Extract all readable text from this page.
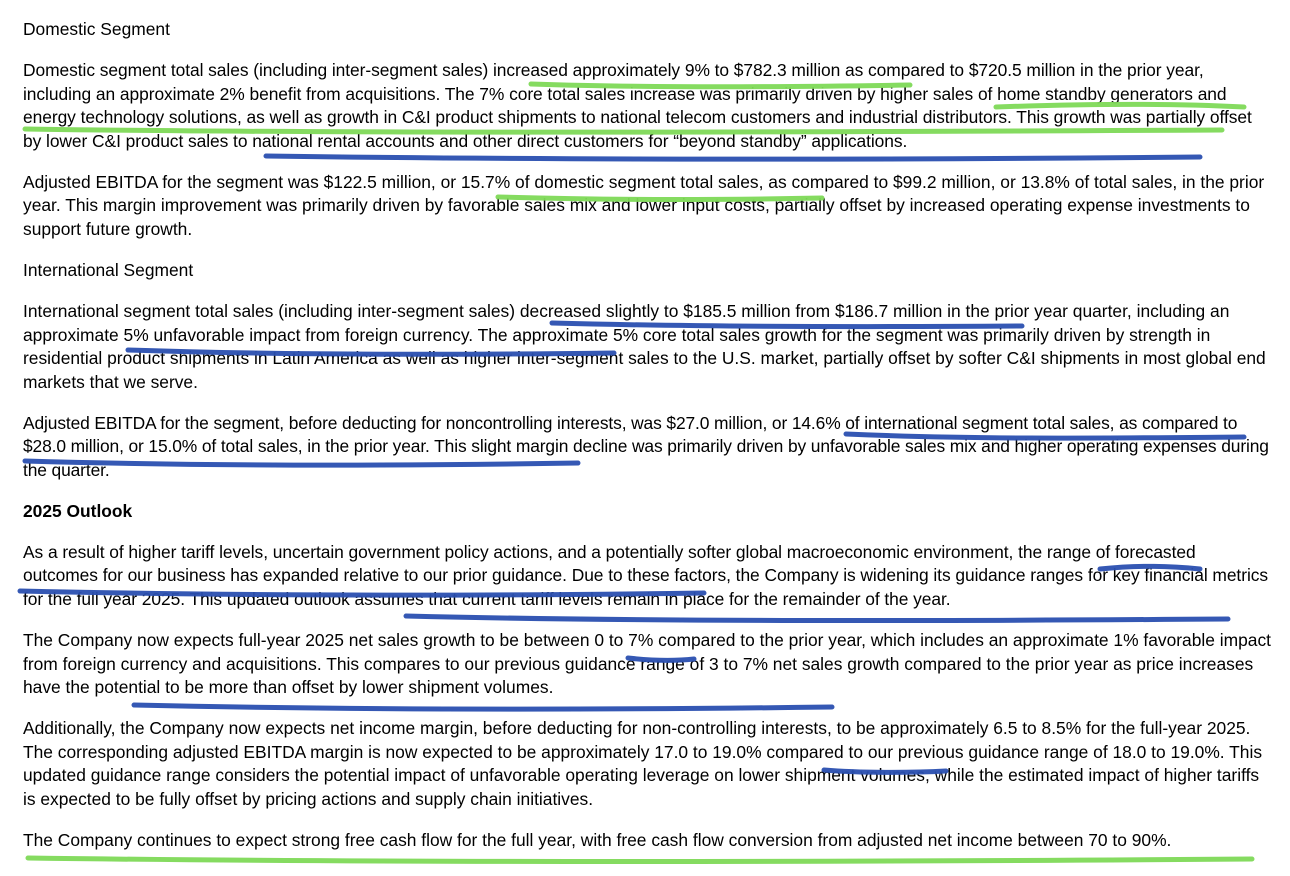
Domestic Segment

Domestic segment total sales (including inter-segment sales) increased approximately 9% to $782.3 million as compared to $720.5 million in the prior year, including an approximate 2% benefit from acquisitions. The 7% core total sales increase was primarily driven by higher sales of home standby generators and energy technology solutions, as well as growth in C&I product shipments to national telecom customers and industrial distributors. This growth was partially offset by lower C&I product sales to national rental accounts and other direct customers for “beyond standby” applications.

Adjusted EBITDA for the segment was $122.5 million, or 15.7% of domestic segment total sales, as compared to $99.2 million, or 13.8% of total sales, in the prior year. This margin improvement was primarily driven by favorable sales mix and lower input costs, partially offset by increased operating expense investments to support future growth.

International Segment

International segment total sales (including inter-segment sales) decreased slightly to $185.5 million from $186.7 million in the prior year quarter, including an approximate 5% unfavorable impact from foreign currency. The approximate 5% core total sales growth for the segment was primarily driven by strength in residential product shipments in Latin America as well as higher inter-segment sales to the U.S. market, partially offset by softer C&I shipments in most global end markets that we serve.

Adjusted EBITDA for the segment, before deducting for noncontrolling interests, was $27.0 million, or 14.6% of international segment total sales, as compared to $28.0 million, or 15.0% of total sales, in the prior year. This slight margin decline was primarily driven by unfavorable sales mix and higher operating expenses during the quarter.

2025 Outlook

As a result of higher tariff levels, uncertain government policy actions, and a potentially softer global macroeconomic environment, the range of forecasted outcomes for our business has expanded relative to our prior guidance. Due to these factors, the Company is widening its guidance ranges for key financial metrics for the full year 2025. This updated outlook assumes that current tariff levels remain in place for the remainder of the year.

The Company now expects full-year 2025 net sales growth to be between 0 to 7% compared to the prior year, which includes an approximate 1% favorable impact from foreign currency and acquisitions. This compares to our previous guidance range of 3 to 7% net sales growth compared to the prior year as price increases have the potential to be more than offset by lower shipment volumes.

Additionally, the Company now expects net income margin, before deducting for non-controlling interests, to be approximately 6.5 to 8.5% for the full-year 2025. The corresponding adjusted EBITDA margin is now expected to be approximately 17.0 to 19.0% compared to our previous guidance range of 18.0 to 19.0%. This updated guidance range considers the potential impact of unfavorable operating leverage on lower shipment volumes, while the estimated impact of higher tariffs is expected to be fully offset by pricing actions and supply chain initiatives.

The Company continues to expect strong free cash flow for the full year, with free cash flow conversion from adjusted net income between 70 to 90%.
